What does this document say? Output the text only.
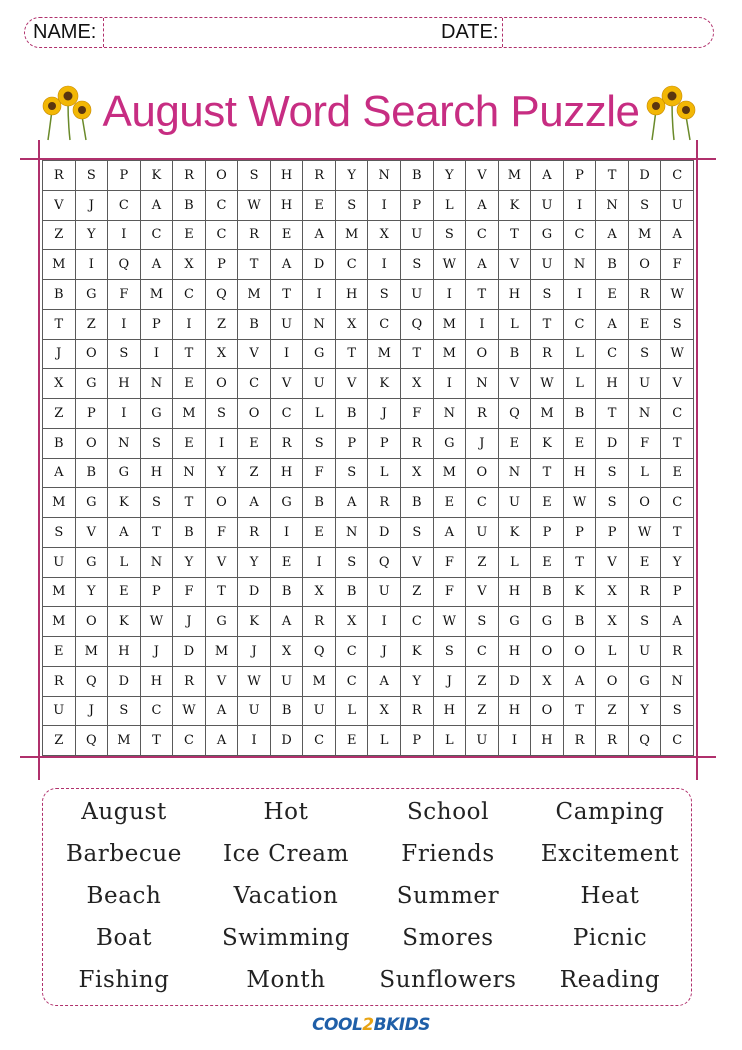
NAME:	DATE:
August Word Search Puzzle
R	S	P	K	R	O	S	H	R	Y	N	B	Y	V	M	A	P	T	D	C
V	J	C	A	B	C	W	H	E	S	I	P	L	A	K	U	I	N	S	U
Z	Y	I	C	E	C	R	E	A	M	X	U	S	C	T	G	C	A	M	A
M	I	Q	A	X	P	T	A	D	C	I	S	W	A	V	U	N	B	O	F
B	G	F	M	C	Q	M	T	I	H	S	U	I	T	H	S	I	E	R	W
T	Z	I	P	I	Z	B	U	N	X	C	Q	M	I	L	T	C	A	E	S
J	O	S	I	T	X	V	I	G	T	M	T	M	O	B	R	L	C	S	W
X	G	H	N	E	O	C	V	U	V	K	X	I	N	V	W	L	H	U	V
Z	P	I	G	M	S	O	C	L	B	J	F	N	R	Q	M	B	T	N	C
B	O	N	S	E	I	E	R	S	P	P	R	G	J	E	K	E	D	F	T
A	B	G	H	N	Y	Z	H	F	S	L	X	M	O	N	T	H	S	L	E
M	G	K	S	T	O	A	G	B	A	R	B	E	C	U	E	W	S	O	C
S	V	A	T	B	F	R	I	E	N	D	S	A	U	K	P	P	P	W	T
U	G	L	N	Y	V	Y	E	I	S	Q	V	F	Z	L	E	T	V	E	Y
M	Y	E	P	F	T	D	B	X	B	U	Z	F	V	H	B	K	X	R	P
M	O	K	W	J	G	K	A	R	X	I	C	W	S	G	G	B	X	S	A
E	M	H	J	D	M	J	X	Q	C	J	K	S	C	H	O	O	L	U	R
R	Q	D	H	R	V	W	U	M	C	A	Y	J	Z	D	X	A	O	G	N
U	J	S	C	W	A	U	B	U	L	X	R	H	Z	H	O	T	Z	Y	S
Z	Q	M	T	C	A	I	D	C	E	L	P	L	U	I	H	R	R	Q	C
August	Hot	School	Camping
Barbecue	Ice Cream	Friends	Excitement
Beach	Vacation	Summer	Heat
Boat	Swimming	Smores	Picnic
Fishing	Month	Sunflowers	Reading
COOL2BKIDS
